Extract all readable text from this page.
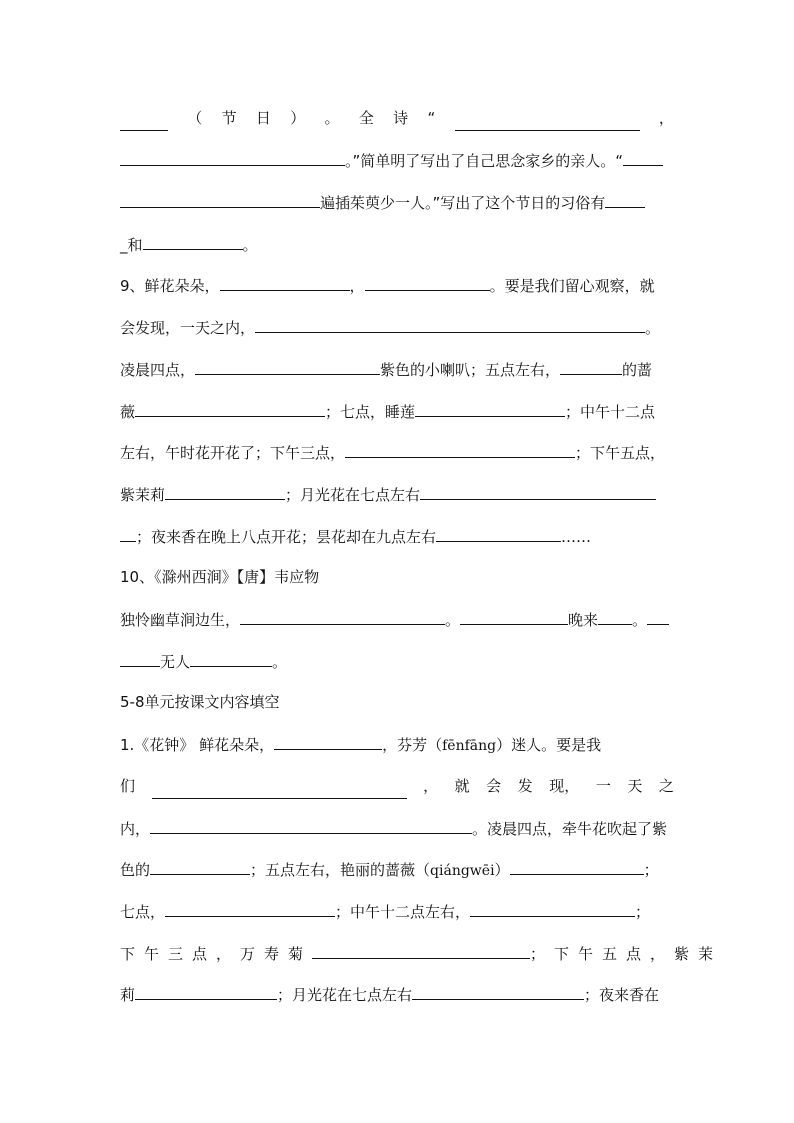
（ 节 日 ） 。 全 诗 “	，
。”简单明了写出了自己思念家乡的亲人。“
遍插茱萸少一人。”写出了这个节日的习俗有
_和	。
9、鲜花朵朵，	，	。要是我们留心观察，就
会发现，一天之内，	。
凌晨四点，	紫色的小喇叭；五点左右，	的蔷
薇	；七点，睡莲	；中午十二点
左右，午时花开花了；下午三点，	；下午五点，
紫茉莉	；月光花在七点左右
；夜来香在晚上八点开花；昙花却在九点左右	……
10、《滁州西涧》【唐】韦应物
独怜幽草涧边生，	。	晚来 。
无人	。
5-8单元按课文内容填空
1.《花钟》 鲜花朵朵，	，芬芳（fēnfāng）迷人。要是我
们	， 就 会 发 现， 一 天 之
内，	。凌晨四点，牵牛花吹起了紫
色的	；五点左右，艳丽的蔷薇（qiángwēi）	；
七点，	；中午十二点左右，	；
下午三点，万寿菊	；下午五点，紫茉
莉	；月光花在七点左右	；夜来香在
